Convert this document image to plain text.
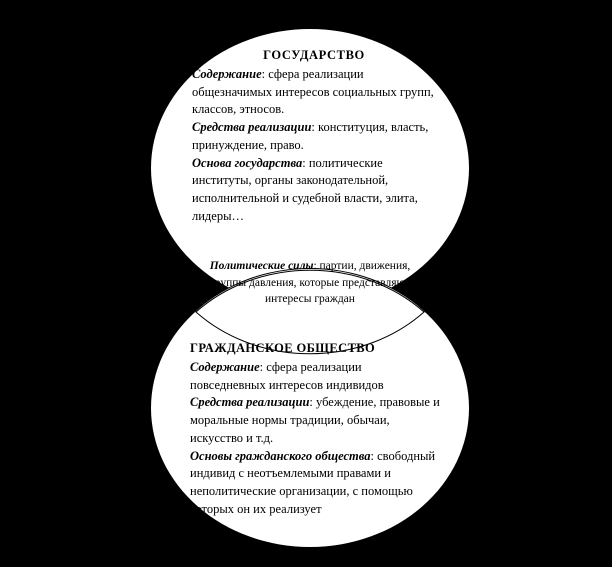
ГОСУДАРСТВО
Содержание: сфера реализации общезначимых интересов социальных групп, классов, этносов.
Средства реализации: конституция, власть, принуждение, право.
Основа государства: политические институты, органы законодательной, исполнительной и судебной власти, элита, лидеры…
Политические силы: партии, движения, группы давления, которые представляют интересы граждан
ГРАЖДАНСКОЕ ОБЩЕСТВО
Содержание: сфера реализации повседневных интересов индивидов
Средства реализации: убеждение, правовые и моральные нормы традиции, обычаи, искусство и т.д.
Основы гражданского общества: свободный индивид с неотъемлемыми правами и неполитические организации, с помощью которых он их реализует
